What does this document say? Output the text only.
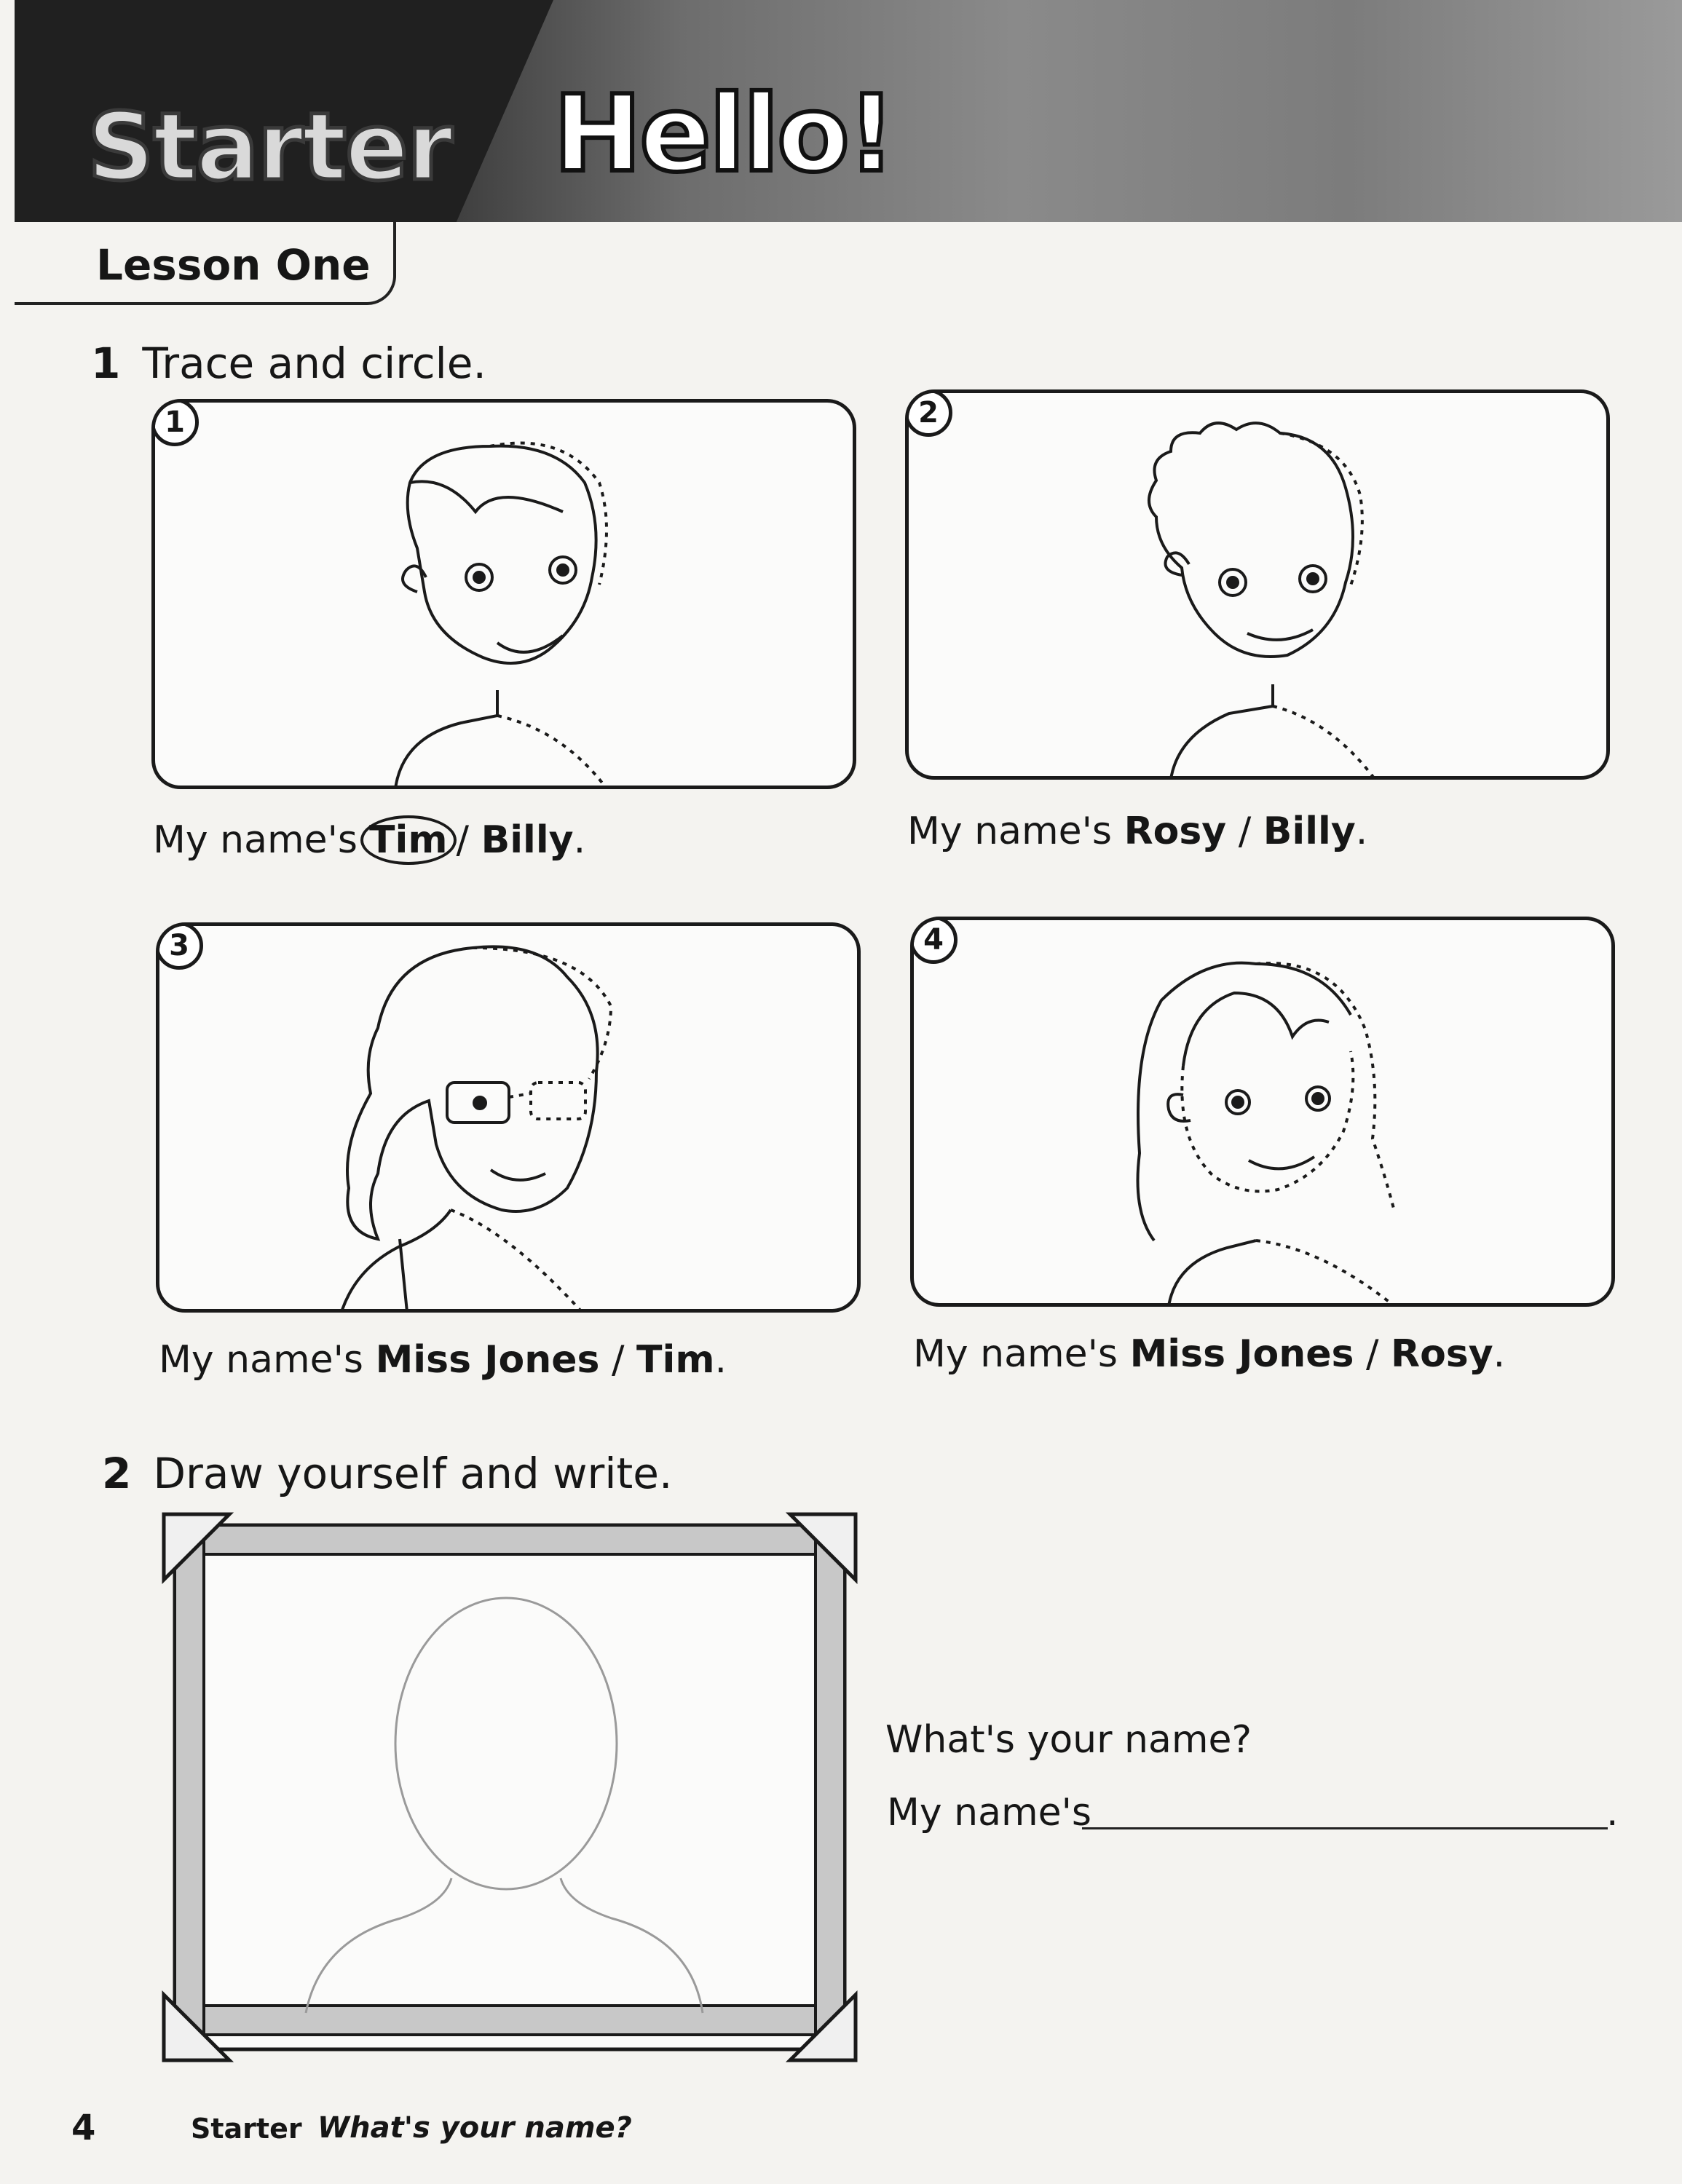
Starter Hello!
Lesson One
1 Trace and circle.
1
My name's Tim / Billy.
2
My name's Rosy / Billy.
3
My name's Miss Jones / Tim.
4
My name's Miss Jones / Rosy.
2 Draw yourself and write.
What's your name?
My name's	.
4	Starter What's your name?
